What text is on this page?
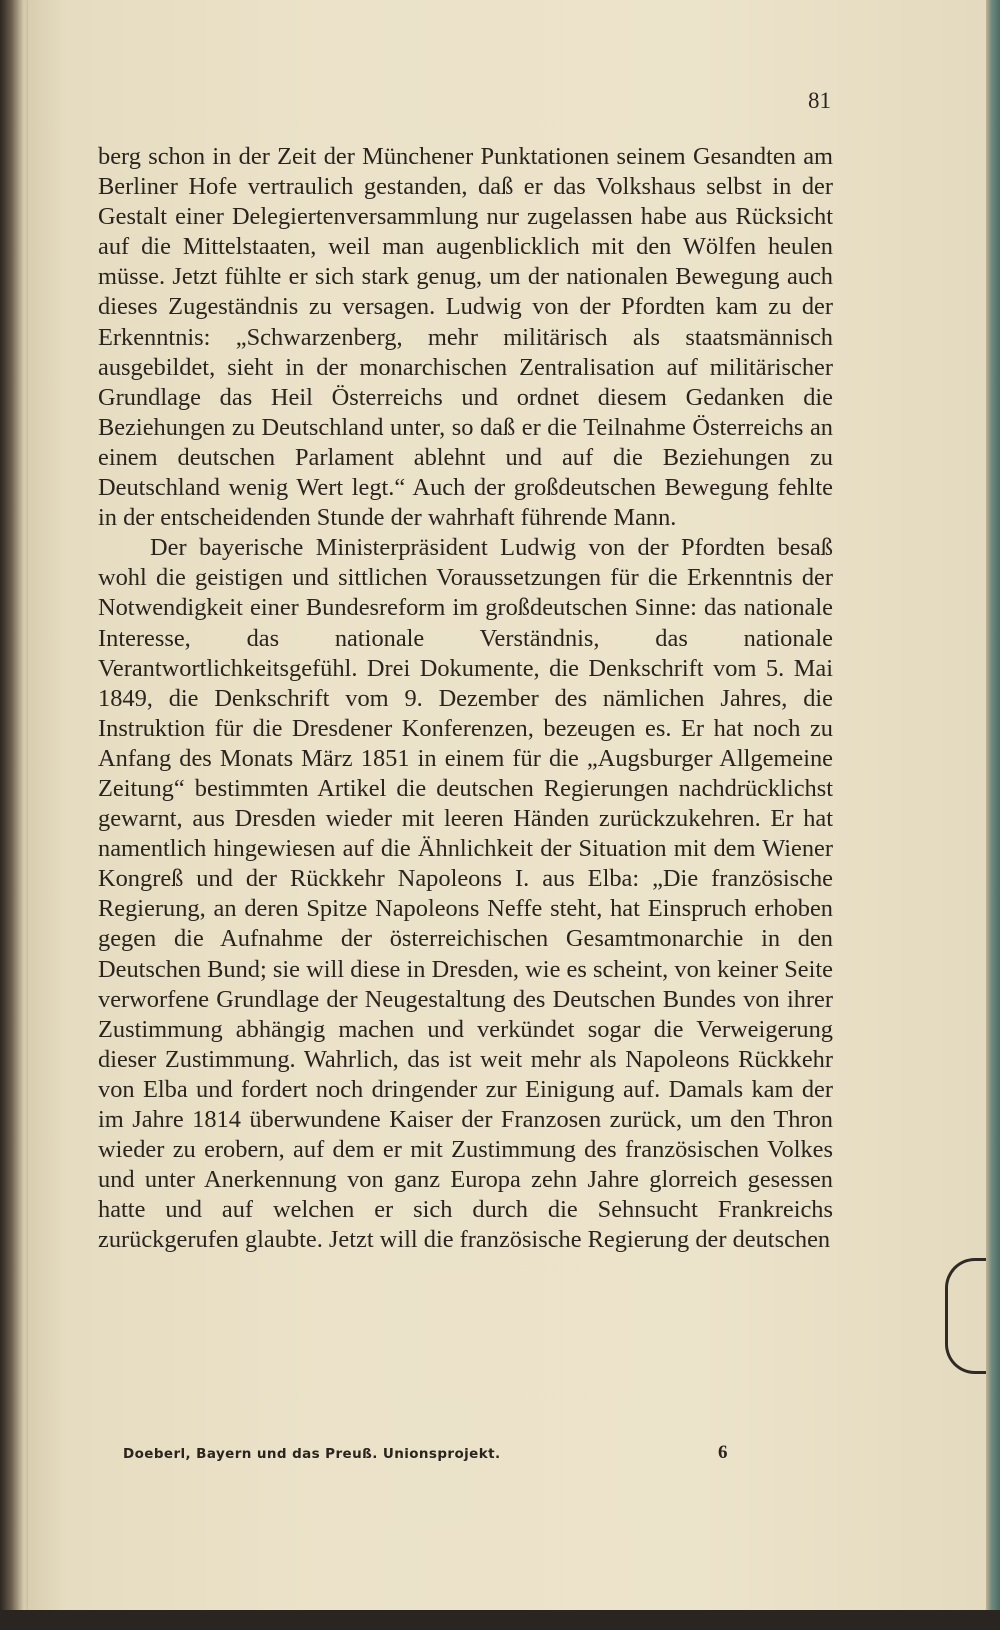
81

berg schon in der Zeit der Münchener Punktationen seinem Gesandten am Berliner Hofe vertraulich gestanden, daß er das Volkshaus selbst in der Gestalt einer Delegiertenversammlung nur zugelassen habe aus Rücksicht auf die Mittelstaaten, weil man augenblicklich mit den Wölfen heulen müsse. Jetzt fühlte er sich stark genug, um der nationalen Bewegung auch dieses Zugeständnis zu versagen. Ludwig von der Pfordten kam zu der Erkenntnis: „Schwarzenberg, mehr militärisch als staatsmännisch ausgebildet, sieht in der monarchischen Zentralisation auf militärischer Grundlage das Heil Österreichs und ordnet diesem Gedanken die Beziehungen zu Deutschland unter, so daß er die Teilnahme Österreichs an einem deutschen Parlament ablehnt und auf die Beziehungen zu Deutschland wenig Wert legt.“ Auch der großdeutschen Bewegung fehlte in der entscheidenden Stunde der wahrhaft führende Mann.

Der bayerische Ministerpräsident Ludwig von der Pfordten besaß wohl die geistigen und sittlichen Voraussetzungen für die Erkenntnis der Notwendigkeit einer Bundesreform im großdeutschen Sinne: das nationale Interesse, das nationale Verständnis, das nationale Verantwortlichkeitsgefühl. Drei Dokumente, die Denkschrift vom 5. Mai 1849, die Denkschrift vom 9. Dezember des nämlichen Jahres, die Instruktion für die Dresdener Konferenzen, bezeugen es. Er hat noch zu Anfang des Monats März 1851 in einem für die „Augsburger Allgemeine Zeitung“ bestimmten Artikel die deutschen Regierungen nachdrücklichst gewarnt, aus Dresden wieder mit leeren Händen zurückzukehren. Er hat namentlich hingewiesen auf die Ähnlichkeit der Situation mit dem Wiener Kongreß und der Rückkehr Napoleons I. aus Elba: „Die französische Regierung, an deren Spitze Napoleons Neffe steht, hat Einspruch erhoben gegen die Aufnahme der österreichischen Gesamtmonarchie in den Deutschen Bund; sie will diese in Dresden, wie es scheint, von keiner Seite verworfene Grundlage der Neugestaltung des Deutschen Bundes von ihrer Zustimmung abhängig machen und verkündet sogar die Verweigerung dieser Zustimmung. Wahrlich, das ist weit mehr als Napoleons Rückkehr von Elba und fordert noch dringender zur Einigung auf. Damals kam der im Jahre 1814 überwundene Kaiser der Franzosen zurück, um den Thron wieder zu erobern, auf dem er mit Zustimmung des französischen Volkes und unter Anerkennung von ganz Europa zehn Jahre glorreich gesessen hatte und auf welchen er sich durch die Sehnsucht Frankreichs zurückgerufen glaubte. Jetzt will die französische Regierung der deutschen

Doeberl, Bayern und das Preuß. Unionsprojekt.	6
